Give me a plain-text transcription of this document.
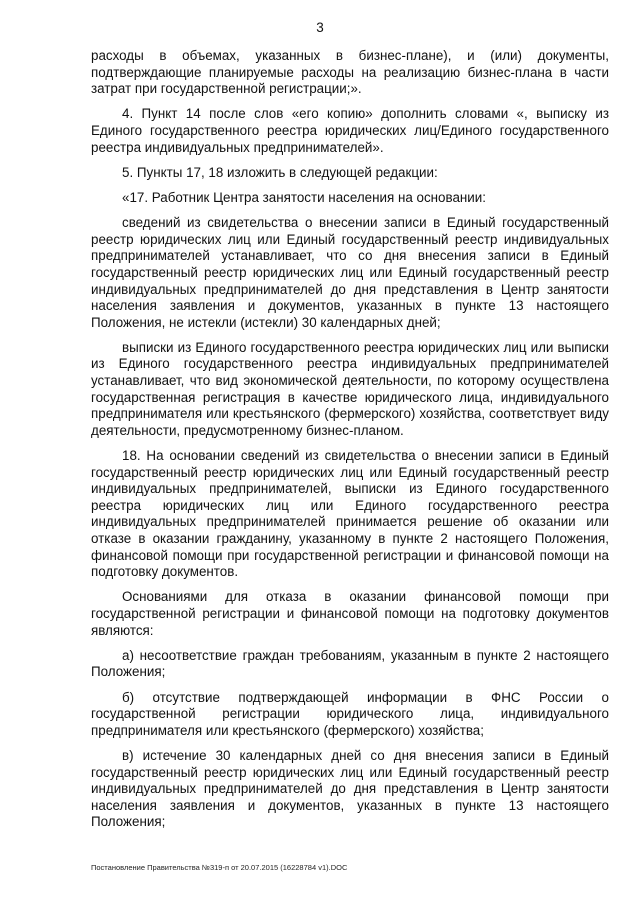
3

расходы в объемах, указанных в бизнес-плане), и (или) документы, подтверждающие планируемые расходы на реализацию бизнес-плана в части затрат при государственной регистрации;».

4. Пункт 14 после слов «его копию» дополнить словами «, выписку из Единого государственного реестра юридических лиц/Единого государственного реестра индивидуальных предпринимателей».

5. Пункты 17, 18 изложить в следующей редакции:

«17. Работник Центра занятости населения на основании:

сведений из свидетельства о внесении записи в Единый государственный реестр юридических лиц или Единый государственный реестр индивидуальных предпринимателей устанавливает, что со дня внесения записи в Единый государственный реестр юридических лиц или Единый государственный реестр индивидуальных предпринимателей до дня представления в Центр занятости населения заявления и документов, указанных в пункте 13 настоящего Положения, не истекли (истекли) 30 календарных дней;

выписки из Единого государственного реестра юридических лиц или выписки из Единого государственного реестра индивидуальных предпринимателей устанавливает, что вид экономической деятельности, по которому осуществлена государственная регистрация в качестве юридического лица, индивидуального предпринимателя или крестьянского (фермерского) хозяйства, соответствует виду деятельности, предусмотренному бизнес-планом.

18. На основании сведений из свидетельства о внесении записи в Единый государственный реестр юридических лиц или Единый государственный реестр индивидуальных предпринимателей, выписки из Единого государственного реестра юридических лиц или Единого государственного реестра индивидуальных предпринимателей принимается решение об оказании или отказе в оказании гражданину, указанному в пункте 2 настоящего Положения, финансовой помощи при государственной регистрации и финансовой помощи на подготовку документов.

Основаниями для отказа в оказании финансовой помощи при государственной регистрации и финансовой помощи на подготовку документов являются:

а) несоответствие граждан требованиям, указанным в пункте 2 настоящего Положения;

б) отсутствие подтверждающей информации в ФНС России о государственной регистрации юридического лица, индивидуального предпринимателя или крестьянского (фермерского) хозяйства;

в) истечение 30 календарных дней со дня внесения записи в Единый государственный реестр юридических лиц или Единый государственный реестр индивидуальных предпринимателей до дня представления в Центр занятости населения заявления и документов, указанных в пункте 13 настоящего Положения;

Постановление Правительства №319-п от 20.07.2015 (16228784 v1).DOC
